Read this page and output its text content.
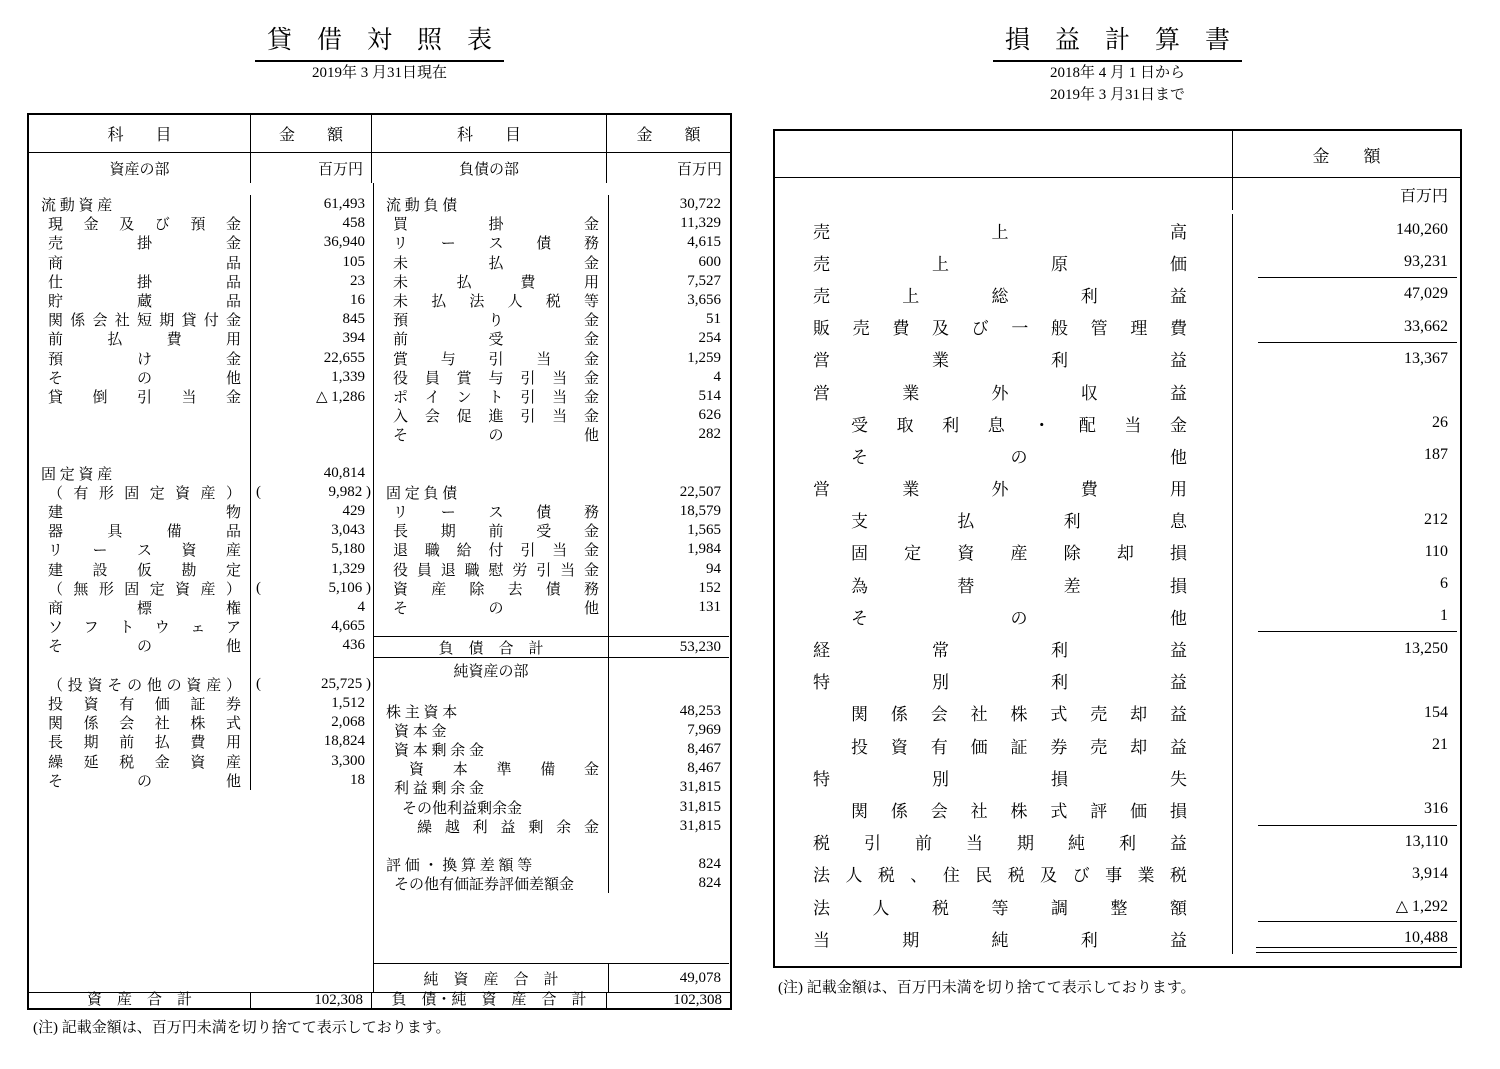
貸　借　対　照　表
2019年 3 月31日現在
損　益　計　算　書
2018年 4 月 1 日から
2019年 3 月31日まで
科　　目	金　　額	科　　目	金　　額
資産の部	百万円	負債の部	百万円
流 動 資 産	61,493
現 金 及 び 預 金	458
売 掛 金	36,940
商 品	105
仕 掛 品	23
貯 蔵 品	16
関 係 会 社 短 期 貸 付 金	845
前 払 費 用	394
預 け 金	22,655
そ の 他	1,339
貸 倒 引 当 金	△ 1,286
固 定 資 産	40,814
（ 有 形 固 定 資 産 ） (	9,982 )
建 物	429
器 具 備 品	3,043
リ ー ス 資 産	5,180
建 設 仮 勘 定	1,329
（ 無 形 固 定 資 産 ） (	5,106 )
商 標 権	4
ソ フ ト ウ ェ ア	4,665
そ の 他	436
（ 投 資 そ の 他 の 資 産 ） (	25,725 )
投 資 有 価 証 券	1,512
関 係 会 社 株 式	2,068
長 期 前 払 費 用	18,824
繰 延 税 金 資 産	3,300
そ の 他	18
流 動 負 債	30,722
買 掛 金	11,329
リ ー ス 債 務	4,615
未 払 金	600
未 払 費 用	7,527
未 払 法 人 税 等	3,656
預 り 金	51
前 受 金	254
賞 与 引 当 金	1,259
役 員 賞 与 引 当 金	4
ポ イ ン ト 引 当 金	514
入 会 促 進 引 当 金	626
そ の 他	282
固 定 負 債	22,507
リ ー ス 債 務	18,579
長 期 前 受 金	1,565
退 職 給 付 引 当 金	1,984
役 員 退 職 慰 労 引 当 金	94
資 産 除 去 債 務	152
そ の 他	131
負　債　合　計	53,230
純資産の部
株 主 資 本	48,253
資 本 金	7,969
資 本 剰 余 金	8,467
資 本 準 備 金	8,467
利 益 剰 余 金	31,815
その他利益剰余金	31,815
繰 越 利 益 剰 余 金	31,815
評 価 ・ 換 算 差 額 等	824
その他有価証券評価差額金	824
純　資　産　合　計	49,078
資　産　合　計	102,308	負　債・純　資　産　合　計	102,308
金　　額
百万円
売 上 高	140,260
売 上 原 価	93,231
売 上 総 利 益	47,029
販 売 費 及 び 一 般 管 理 費	33,662
営 業 利 益	13,367
営 業 外 収 益
受 取 利 息 ・ 配 当 金	26
そ の 他	187
営 業 外 費 用
支 払 利 息	212
固 定 資 産 除 却 損	110
為 替 差 損	6
そ の 他	1
経 常 利 益	13,250
特 別 利 益
関 係 会 社 株 式 売 却 益	154
投 資 有 価 証 券 売 却 益	21
特 別 損 失
関 係 会 社 株 式 評 価 損	316
税 引 前 当 期 純 利 益	13,110
法 人 税 、 住 民 税 及 び 事 業 税	3,914
法 人 税 等 調 整 額	△ 1,292
当 期 純 利 益	10,488
(注) 記載金額は、百万円未満を切り捨てて表示しております。
(注) 記載金額は、百万円未満を切り捨てて表示しております。
